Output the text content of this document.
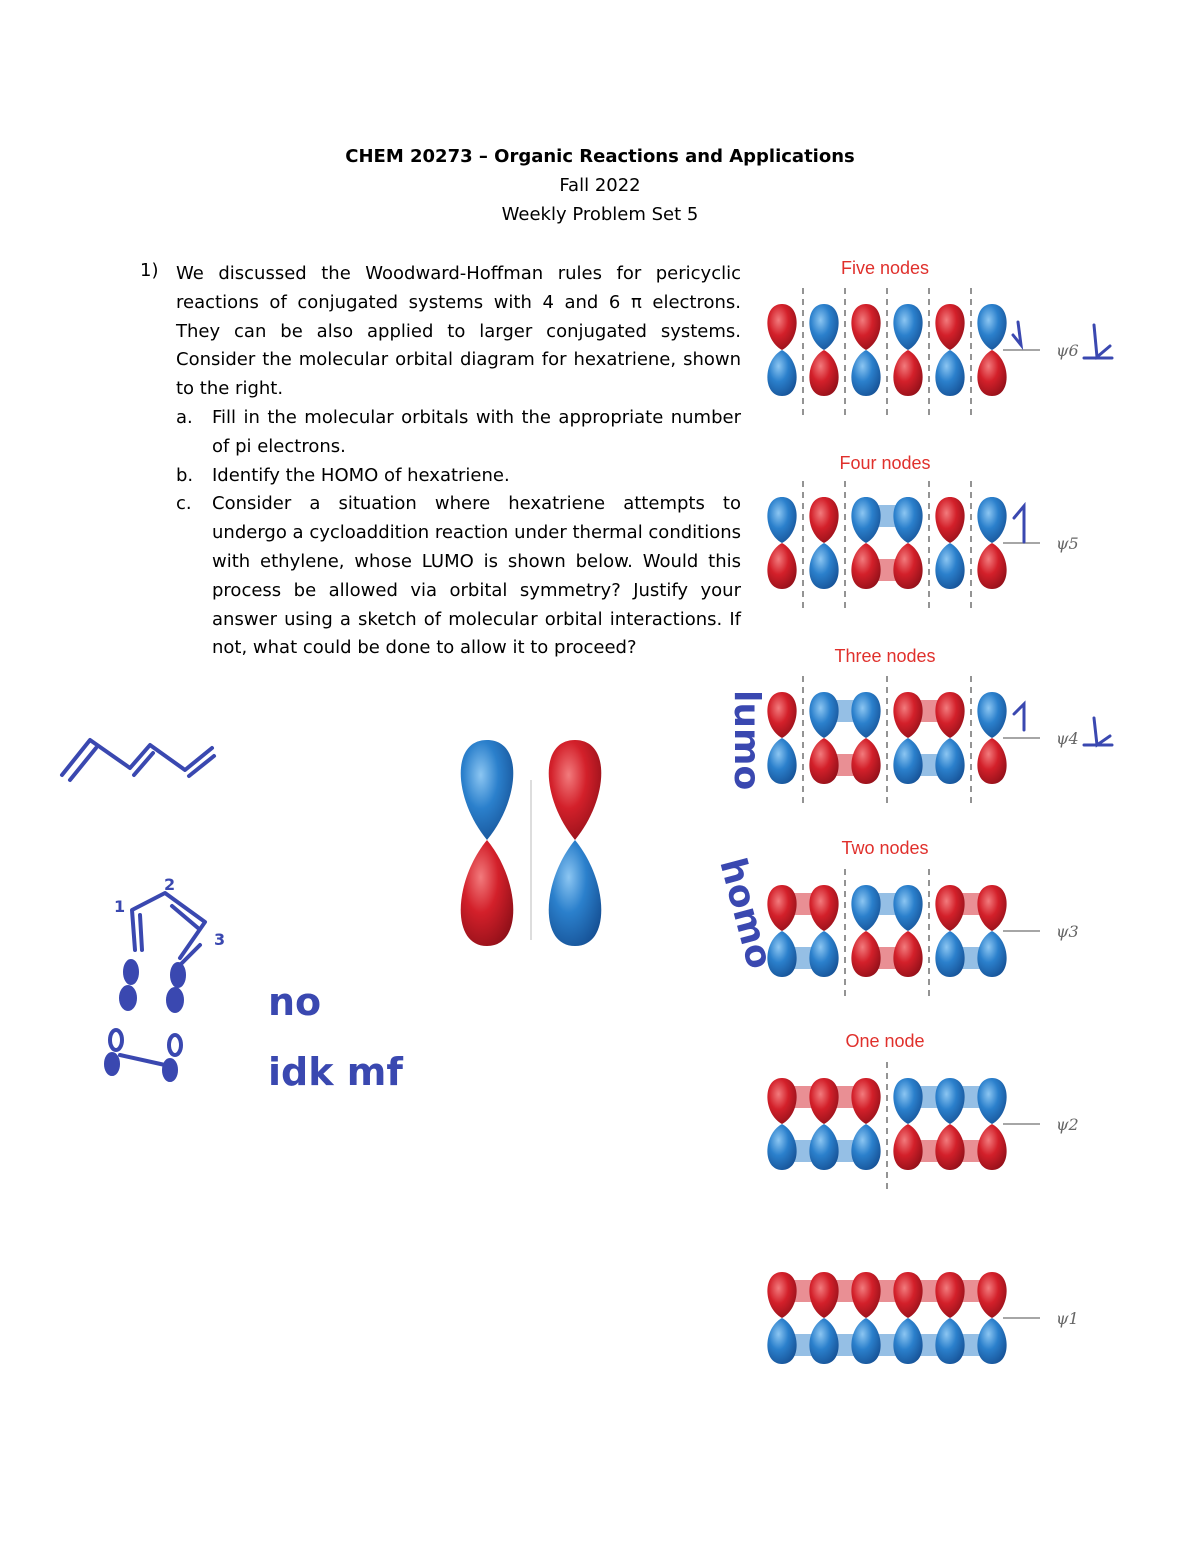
CHEM 20273 – Organic Reactions and Applications
Fall 2022
Weekly Problem Set 5
1) We discussed the Woodward-Hoffman rules for pericyclic reactions of conjugated systems with 4 and 6 π electrons. They can be also applied to larger conjugated systems. Consider the molecular orbital diagram for hexatriene, shown to the right.

a. Fill in the molecular orbitals with the appropriate number of pi electrons.
b. Identify the HOMO of hexatriene.
c. Consider a situation where hexatriene attempts to undergo a cycloaddition reaction under thermal conditions with ethylene, whose LUMO is shown below. Would this process be allowed via orbital symmetry? Justify your answer using a sketch of molecular orbital interactions. If not, what could be done to allow it to proceed?
Five nodes
Four nodes
Three nodes
Two nodes
One node
ψ6
ψ5
ψ4
ψ3
ψ2
ψ1
lumo
homo
no
idk mf
1
2
3
